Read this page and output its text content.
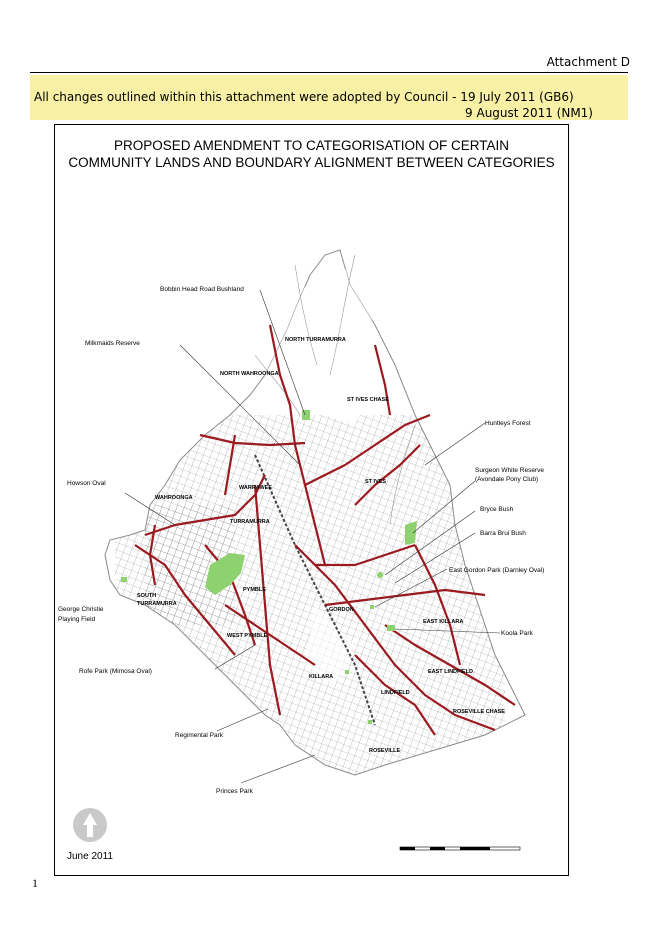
Attachment D
All changes outlined within this attachment were adopted by Council - 19 July 2011 (GB6)
9 August 2011 (NM1)
PROPOSED AMENDMENT TO CATEGORISATION OF CERTAIN
COMMUNITY LANDS AND BOUNDARY ALIGNMENT BETWEEN CATEGORIES
Bobbin Head Road Bushland
Milkmaids Reserve
Huntleys Forest
Surgeon White Reserve
(Avondale Pony Club)
Howson Oval
Bryce Bush
Barra Brui Bush
East Gordon Park (Darnley Oval)
George Christie
Playing Field
Koola Park
Rofe Park (Mimosa Oval)
Regimental Park
Princes Park
NORTH TURRAMURRA
NORTH WAHROONGA
ST IVES CHASE
WAHROONGA
WARRAWEE
ST IVES
TURRAMURRA
SOUTH
TURRAMURRA
PYMBLE
GORDON
WEST PYMBLE
EAST KILLARA
KILLARA
EAST LINDFIELD
LINDFIELD
ROSEVILLE CHASE
ROSEVILLE
June 2011
1
